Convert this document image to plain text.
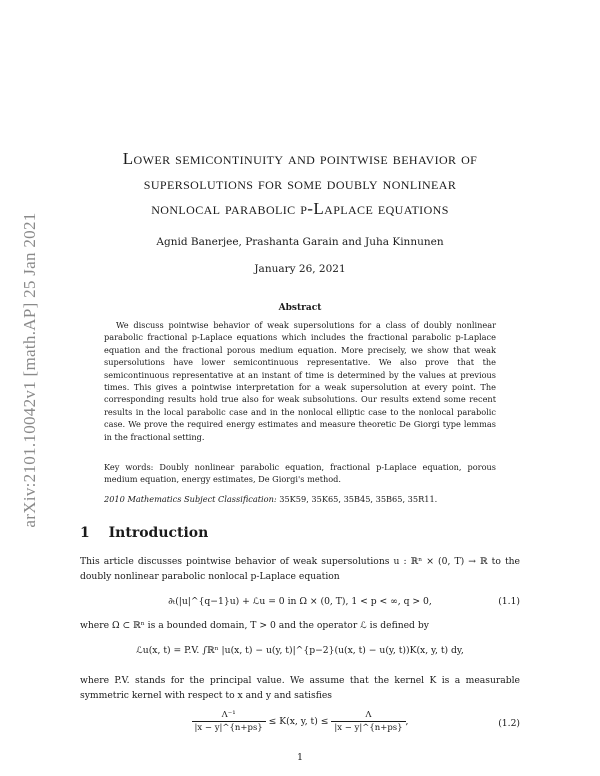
arXiv:2101.10042v1 [math.AP] 25 Jan 2021
Lower semicontinuity and pointwise behavior of
supersolutions for some doubly nonlinear
nonlocal parabolic p-Laplace equations
Agnid Banerjee, Prashanta Garain and Juha Kinnunen
January 26, 2021
Abstract
We discuss pointwise behavior of weak supersolutions for a class of doubly nonlinear parabolic fractional p-Laplace equations which includes the fractional parabolic p-Laplace equation and the fractional porous medium equation. More precisely, we show that weak supersolutions have lower semicontinuous representative. We also prove that the semicontinuous representative at an instant of time is determined by the values at previous times. This gives a pointwise interpretation for a weak supersolution at every point. The corresponding results hold true also for weak subsolutions. Our results extend some recent results in the local parabolic case and in the nonlocal elliptic case to the nonlocal parabolic case. We prove the required energy estimates and measure theoretic De Giorgi type lemmas in the fractional setting.
Key words: Doubly nonlinear parabolic equation, fractional p-Laplace equation, porous medium equation, energy estimates, De Giorgi's method.
2010 Mathematics Subject Classification: 35K59, 35K65, 35B45, 35B65, 35R11.
1 Introduction
This article discusses pointwise behavior of weak supersolutions u : ℝⁿ × (0, T) → ℝ to the doubly nonlinear parabolic nonlocal p-Laplace equation
∂ₜ(|u|^{q−1}u) + ℒu = 0 in Ω × (0, T), 1 < p < ∞, q > 0,	(1.1)
where Ω ⊂ ℝⁿ is a bounded domain, T > 0 and the operator ℒ is defined by
ℒu(x, t) = P.V. ∫ℝⁿ |u(x, t) − u(y, t)|^{p−2}(u(x, t) − u(y, t))K(x, y, t) dy,
where P.V. stands for the principal value. We assume that the kernel K is a measurable symmetric kernel with respect to x and y and satisfies
$\frac{\text{Λ⁻¹}}{|x - y|\^{}\{n+ps\}} \le K(x$, y, $t) \le \frac{\Lambda}{|x - y|\^{}\{n+ps\}}$ ,	(1.2)
1
